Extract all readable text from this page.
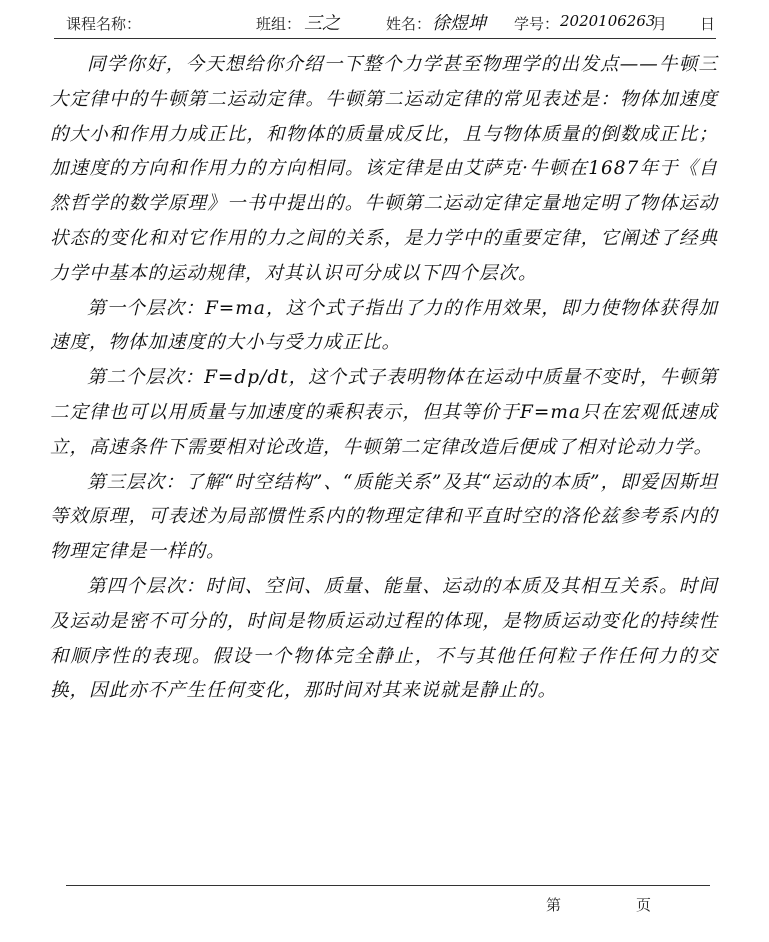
课程名称：	班组： 三之	姓名： 徐煜坤 学号： 2020106263
月 日

同学你好，今天想给你介绍一下整个力学甚至物理学的出发点——牛顿三大定律中的牛顿第二运动定律。牛顿第二运动定律的常见表述是：物体加速度的大小和作用力成正比，和物体的质量成反比，且与物体质量的倒数成正比；加速度的方向和作用力的方向相同。该定律是由艾萨克·牛顿在1687年于《自然哲学的数学原理》一书中提出的。牛顿第二运动定律定量地定明了物体运动状态的变化和对它作用的力之间的关系，是力学中的重要定律，它阐述了经典力学中基本的运动规律，对其认识可分成以下四个层次。

第一个层次：F=ma，这个式子指出了力的作用效果，即力使物体获得加速度，物体加速度的大小与受力成正比。

第二个层次：F=dp/dt，这个式子表明物体在运动中质量不变时，牛顿第二定律也可以用质量与加速度的乘积表示，但其等价于F=ma只在宏观低速成立，高速条件下需要相对论改造，牛顿第二定律改造后便成了相对论动力学。

第三层次：了解“时空结构”、“质能关系”及其“运动的本质”，即爱因斯坦等效原理，可表述为局部惯性系内的物理定律和平直时空的洛伦兹参考系内的物理定律是一样的。

第四个层次：时间、空间、质量、能量、运动的本质及其相互关系。时间及运动是密不可分的，时间是物质运动过程的体现，是物质运动变化的持续性和顺序性的表现。假设一个物体完全静止，不与其他任何粒子作任何力的交换，因此亦不产生任何变化，那时间对其来说就是静止的。

第	页
